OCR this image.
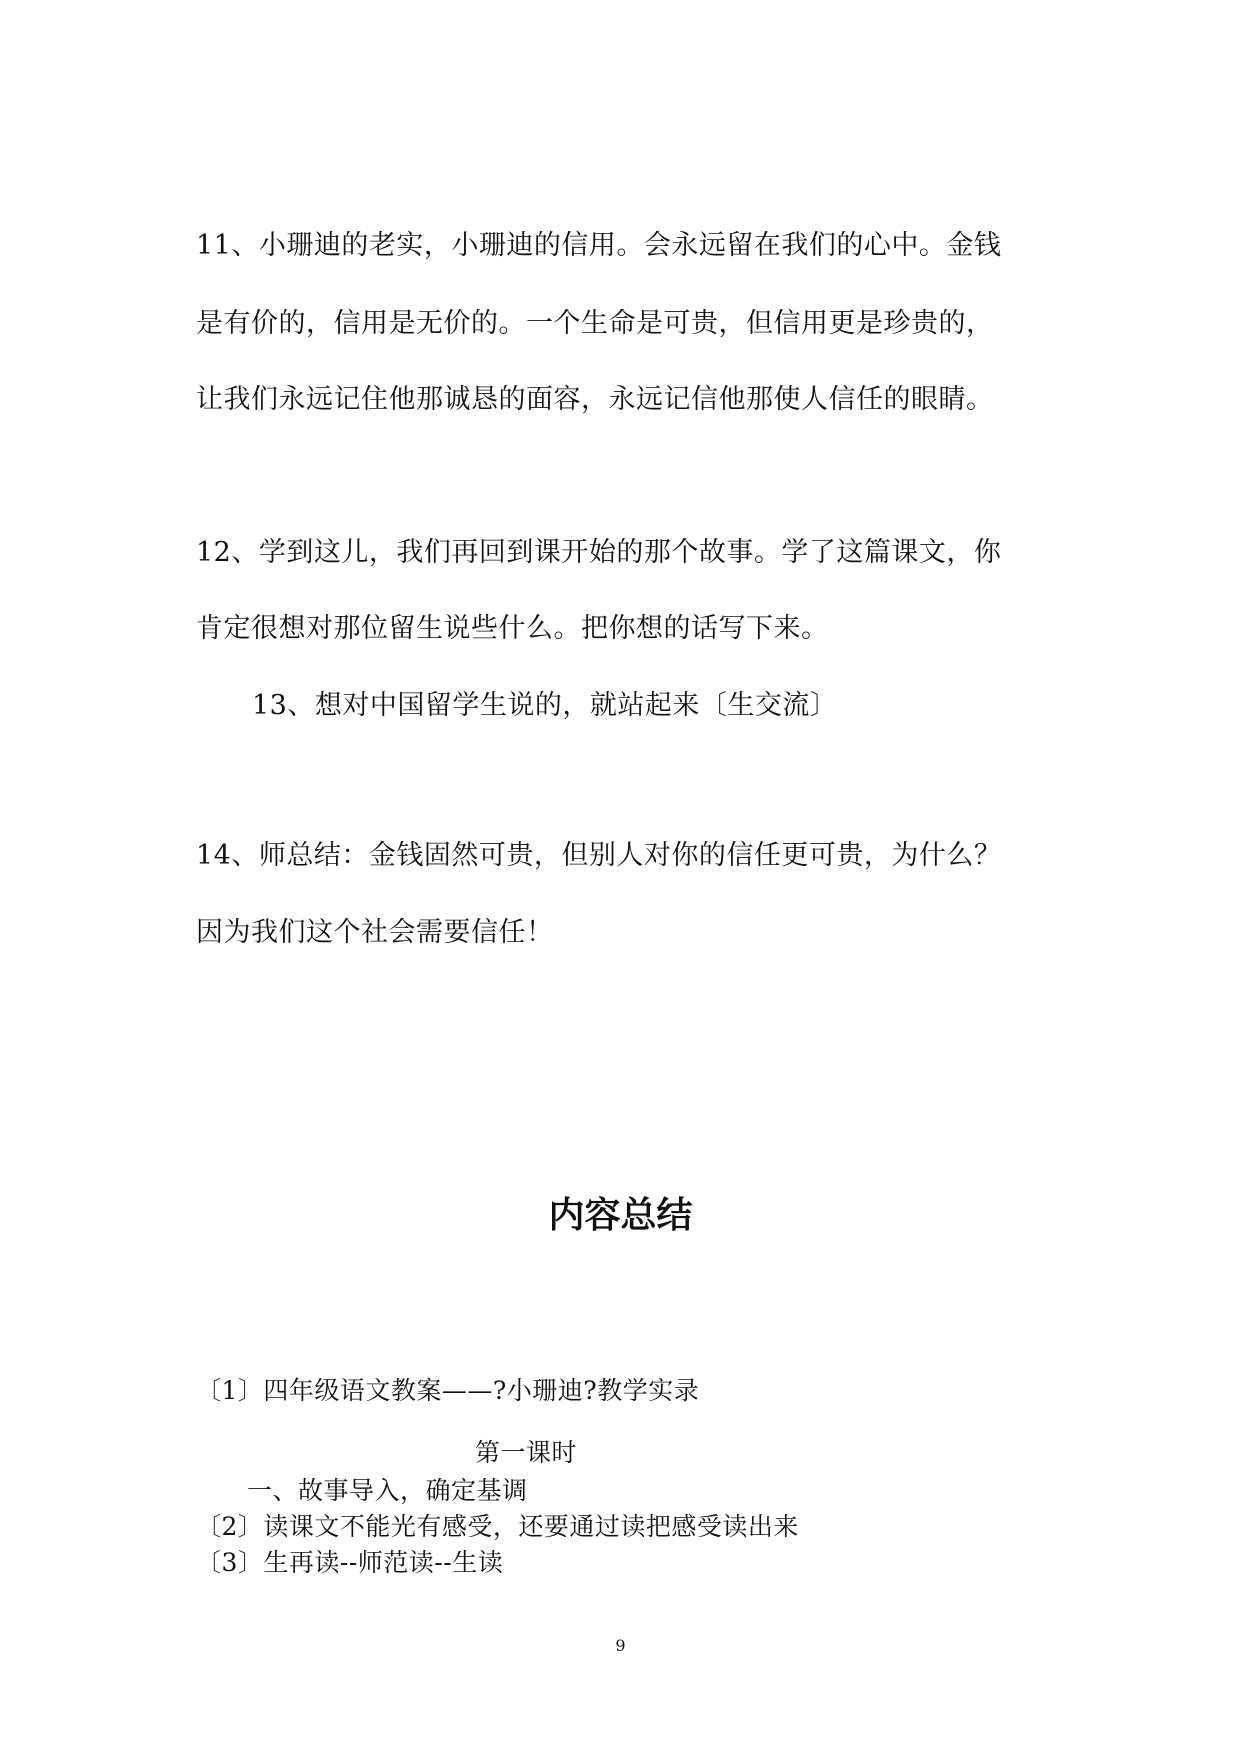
11、小珊迪的老实，小珊迪的信用。会永远留在我们的心中。金钱
是有价的，信用是无价的。一个生命是可贵，但信用更是珍贵的，
让我们永远记住他那诚恳的面容，永远记信他那使人信任的眼睛。
12、学到这儿，我们再回到课开始的那个故事。学了这篇课文，你
肯定很想对那位留生说些什么。把你想的话写下来。
13、想对中国留学生说的，就站起来〔生交流〕
14、师总结：金钱固然可贵，但别人对你的信任更可贵，为什么？
因为我们这个社会需要信任！
内容总结
〔1〕四年级语文教案——?小珊迪?教学实录
第一课时
一、故事导入，确定基调
〔2〕读课文不能光有感受，还要通过读把感受读出来
〔3〕生再读--师范读--生读
9
